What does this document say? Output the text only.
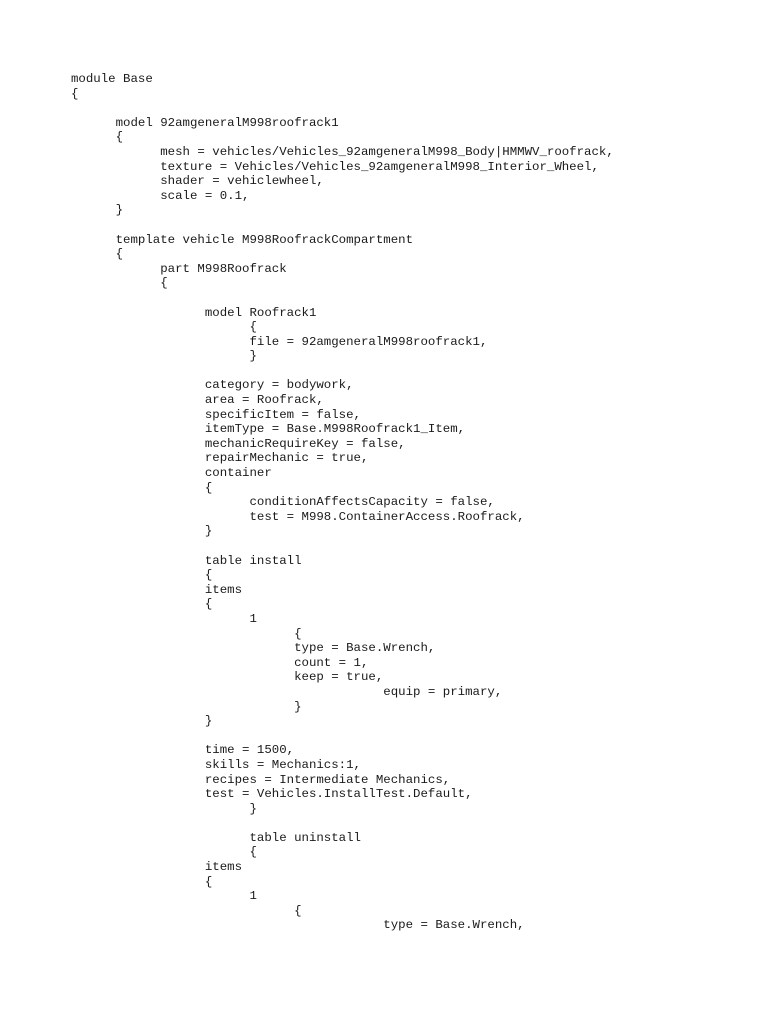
module Base
{
model 92amgeneralM998roofrack1
{
mesh = vehicles/Vehicles_92amgeneralM998_Body|HMMWV_roofrack,
texture = Vehicles/Vehicles_92amgeneralM998_Interior_Wheel,
shader = vehiclewheel,
scale = 0.1,
}
template vehicle M998RoofrackCompartment
{
part M998Roofrack
{
model Roofrack1
{
file = 92amgeneralM998roofrack1,
}
category = bodywork,
area = Roofrack,
specificItem = false,
itemType = Base.M998Roofrack1_Item,
mechanicRequireKey = false,
repairMechanic = true,
container
{
conditionAffectsCapacity = false,
test = M998.ContainerAccess.Roofrack,
}
table install
{
items
{
1
{
type = Base.Wrench,
count = 1,
keep = true,
equip = primary,
}
}
time = 1500,
skills = Mechanics:1,
recipes = Intermediate Mechanics,
test = Vehicles.InstallTest.Default,
}
table uninstall
{
items
{
1
{
type = Base.Wrench,
